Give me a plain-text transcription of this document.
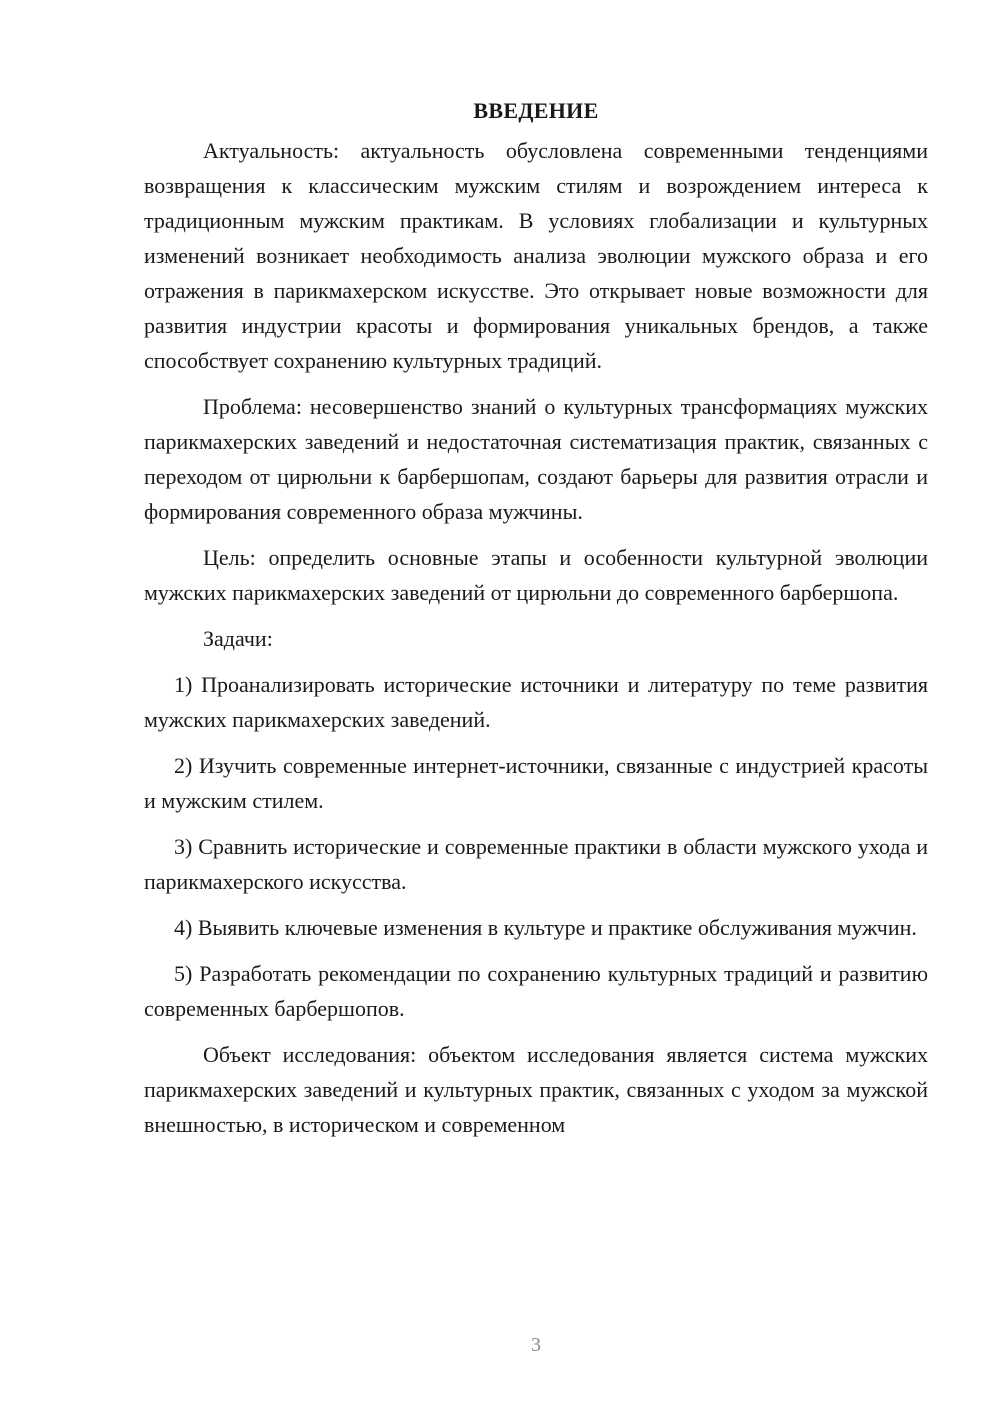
ВВЕДЕНИЕ

Актуальность: актуальность обусловлена современными тенденциями возвращения к классическим мужским стилям и возрождением интереса к традиционным мужским практикам. В условиях глобализации и культурных изменений возникает необходимость анализа эволюции мужского образа и его отражения в парикмахерском искусстве. Это открывает новые возможности для развития индустрии красоты и формирования уникальных брендов, а также способствует сохранению культурных традиций.

Проблема: несовершенство знаний о культурных трансформациях мужских парикмахерских заведений и недостаточная систематизация практик, связанных с переходом от цирюльни к барбершопам, создают барьеры для развития отрасли и формирования современного образа мужчины.

Цель: определить основные этапы и особенности культурной эволюции мужских парикмахерских заведений от цирюльни до современного барбершопа.

Задачи:

1) Проанализировать исторические источники и литературу по теме развития мужских парикмахерских заведений.

2) Изучить современные интернет-источники, связанные с индустрией красоты и мужским стилем.

3) Сравнить исторические и современные практики в области мужского ухода и парикмахерского искусства.

4) Выявить ключевые изменения в культуре и практике обслуживания мужчин.

5) Разработать рекомендации по сохранению культурных традиций и развитию современных барбершопов.

Объект исследования: объектом исследования является система мужских парикмахерских заведений и культурных практик, связанных с уходом за мужской внешностью, в историческом и современном

3
